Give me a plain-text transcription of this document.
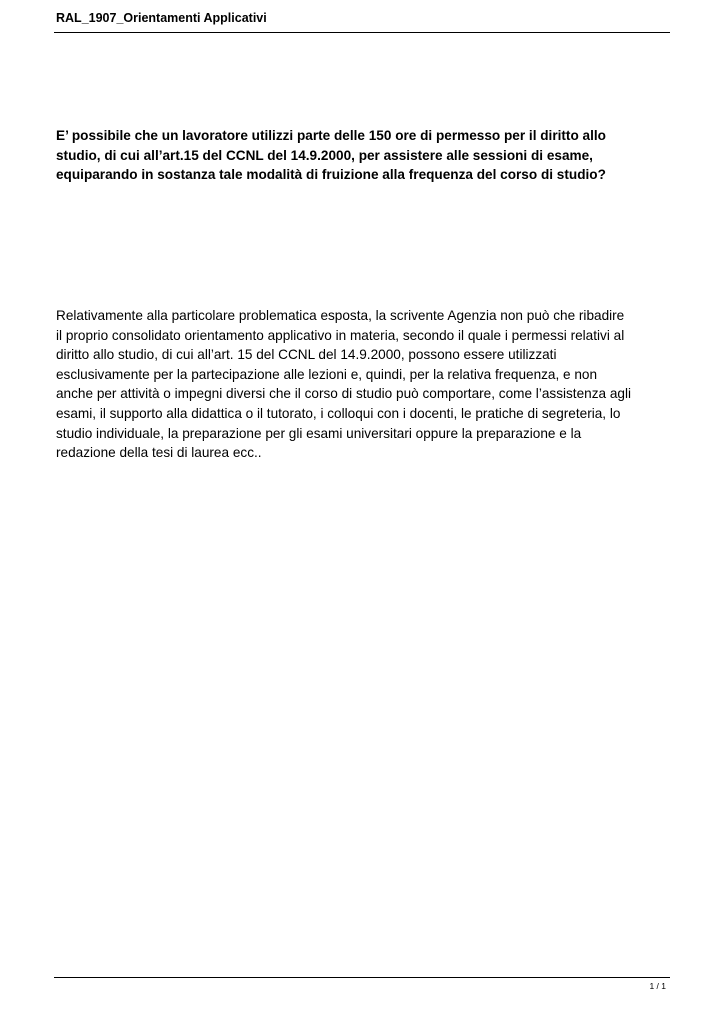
RAL_1907_Orientamenti Applicativi

E’ possibile che un lavoratore utilizzi parte delle 150 ore di permesso per il diritto allo
studio, di cui all’art.15 del CCNL del 14.9.2000, per assistere alle sessioni di esame,
equiparando in sostanza tale modalità di fruizione alla frequenza del corso di studio?

Relativamente alla particolare problematica esposta, la scrivente Agenzia non può che ribadire
il proprio consolidato orientamento applicativo in materia, secondo il quale i permessi relativi al
diritto allo studio, di cui all’art. 15 del CCNL del 14.9.2000, possono essere utilizzati
esclusivamente per la partecipazione alle lezioni e, quindi, per la relativa frequenza, e non
anche per attività o impegni diversi che il corso di studio può comportare, come l’assistenza agli
esami, il supporto alla didattica o il tutorato, i colloqui con i docenti, le pratiche di segreteria, lo
studio individuale, la preparazione per gli esami universitari oppure la preparazione e la
redazione della tesi di laurea ecc..

1 / 1
